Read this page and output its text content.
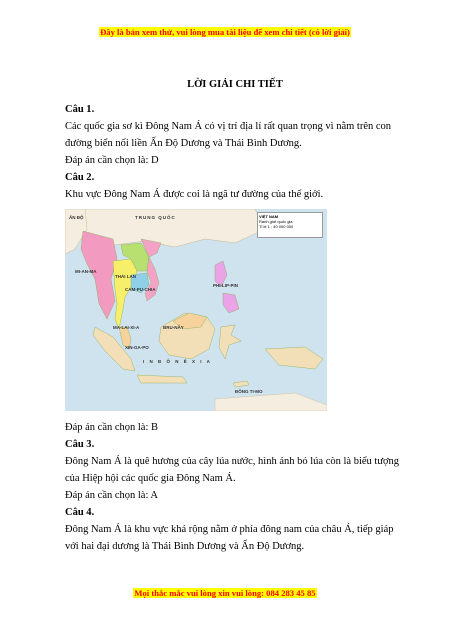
Đây là bản xem thử, vui lòng mua tài liệu để xem chi tiết (có lời giải)
LỜI GIẢI CHI TIẾT

Câu 1.

Các quốc gia sơ kì Đông Nam Á có vị trí địa lí rất quan trọng vì nằm trên con đường biển nối liền Ấn Độ Dương và Thái Bình Dương.

Đáp án cần chọn là: D

Câu 2.

Khu vực Đông Nam Á được coi là ngã tư đường của thế giới.

VIỆT NAM
Ranh giới quốc gia
Tỉ lệ 1 : 40 000 000
ẤN ĐỘ	TRUNG QUỐC
MI-AN-MA
THÁI LAN
CAM-PU-CHIA
PHI-LIP-PIN
MA-LAI-XI-A	BRU-NÂY
XIN-GA-PO
I N Đ Ô N Ê X I A
ĐÔNG TI-MO

Đáp án cần chọn là: B

Câu 3.

Đông Nam Á là quê hương của cây lúa nước, hình ảnh bó lúa còn là biểu tượng của Hiệp hội các quốc gia Đông Nam Á.

Đáp án cần chọn là: A

Câu 4.

Đông Nam Á là khu vực khá rộng nằm ở phía đông nam của châu Á, tiếp giáp với hai đại dương là Thái Bình Dương và Ấn Độ Dương.

Mọi thắc mắc vui lòng xin vui lòng: 084 283 45 85
